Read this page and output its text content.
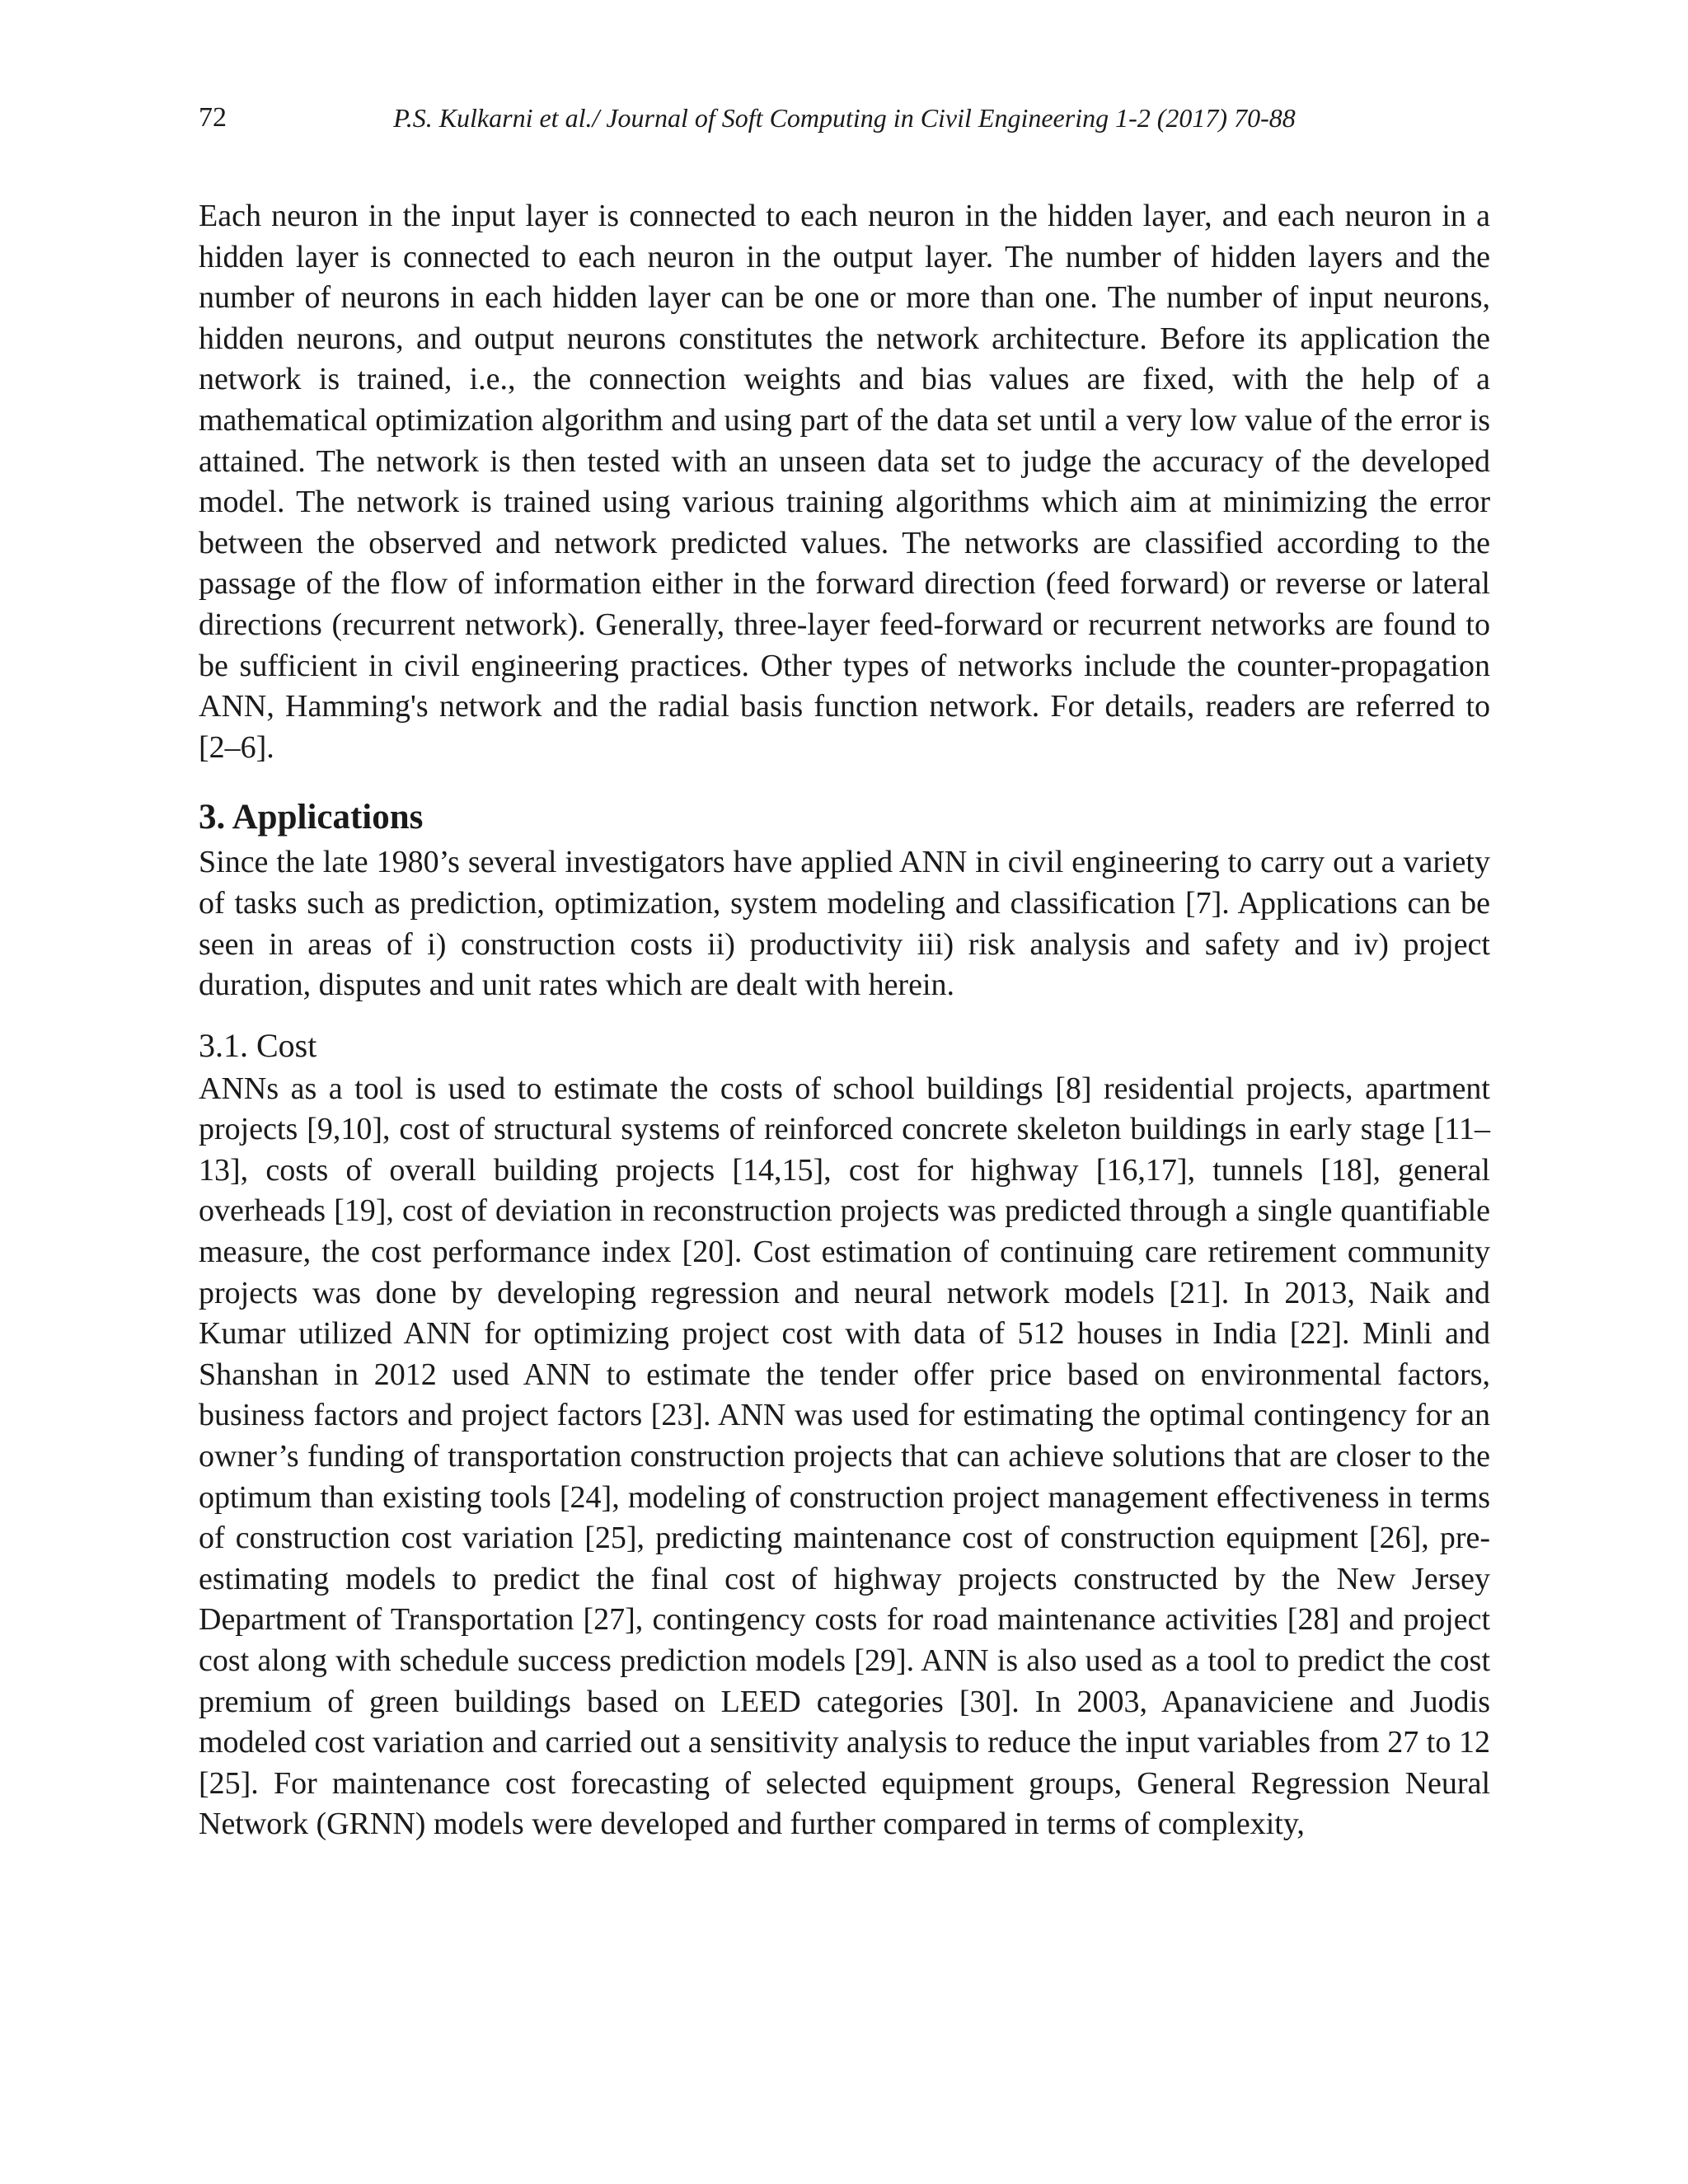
72	P.S. Kulkarni et al./ Journal of Soft Computing in Civil Engineering 1-2 (2017) 70-88

Each neuron in the input layer is connected to each neuron in the hidden layer, and each neuron in a hidden layer is connected to each neuron in the output layer. The number of hidden layers and the number of neurons in each hidden layer can be one or more than one. The number of input neurons, hidden neurons, and output neurons constitutes the network architecture. Before its application the network is trained, i.e., the connection weights and bias values are fixed, with the help of a mathematical optimization algorithm and using part of the data set until a very low value of the error is attained. The network is then tested with an unseen data set to judge the accuracy of the developed model. The network is trained using various training algorithms which aim at minimizing the error between the observed and network predicted values. The networks are classified according to the passage of the flow of information either in the forward direction (feed forward) or reverse or lateral directions (recurrent network). Generally, three-layer feed-forward or recurrent networks are found to be sufficient in civil engineering practices. Other types of networks include the counter-propagation ANN, Hamming's network and the radial basis function network. For details, readers are referred to [2–6].

3. Applications

Since the late 1980’s several investigators have applied ANN in civil engineering to carry out a variety of tasks such as prediction, optimization, system modeling and classification [7]. Applications can be seen in areas of i) construction costs ii) productivity iii) risk analysis and safety and iv) project duration, disputes and unit rates which are dealt with herein.

3.1. Cost

ANNs as a tool is used to estimate the costs of school buildings [8] residential projects, apartment projects [9,10], cost of structural systems of reinforced concrete skeleton buildings in early stage [11–13], costs of overall building projects [14,15], cost for highway [16,17], tunnels [18], general overheads [19], cost of deviation in reconstruction projects was predicted through a single quantifiable measure, the cost performance index [20]. Cost estimation of continuing care retirement community projects was done by developing regression and neural network models [21]. In 2013, Naik and Kumar utilized ANN for optimizing project cost with data of 512 houses in India [22]. Minli and Shanshan in 2012 used ANN to estimate the tender offer price based on environmental factors, business factors and project factors [23]. ANN was used for estimating the optimal contingency for an owner’s funding of transportation construction projects that can achieve solutions that are closer to the optimum than existing tools [24], modeling of construction project management effectiveness in terms of construction cost variation [25], predicting maintenance cost of construction equipment [26], pre-estimating models to predict the final cost of highway projects constructed by the New Jersey Department of Transportation [27], contingency costs for road maintenance activities [28] and project cost along with schedule success prediction models [29]. ANN is also used as a tool to predict the cost premium of green buildings based on LEED categories [30]. In 2003, Apanaviciene and Juodis modeled cost variation and carried out a sensitivity analysis to reduce the input variables from 27 to 12 [25]. For maintenance cost forecasting of selected equipment groups, General Regression Neural Network (GRNN) models were developed and further compared in terms of complexity,
